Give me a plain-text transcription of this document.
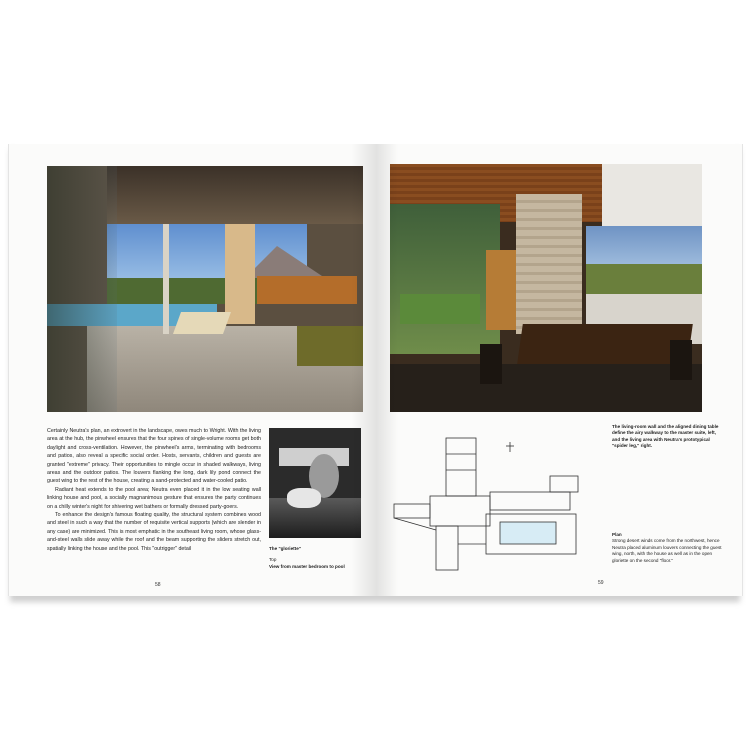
Certainly Neutra's plan, an extrovert in the landscape, owes much to Wright. With the living area at the hub, the pinwheel ensures that the four spines of single-volume rooms get both daylight and cross-ventilation. However, the pinwheel's arms, terminating with bedrooms and patios, also reveal a specific social order. Hosts, servants, children and guests are granted "extreme" privacy. Their opportunities to mingle occur in shaded walkways, living areas and the outdoor patios. The louvers flanking the long, dark lily pond connect the guest wing to the rest of the house, creating a sand-protected and water-cooled patio.

Radiant heat extends to the pool area; Neutra even placed it in the low seating wall linking house and pool, a socially magnanimous gesture that ensures the party continues on a chilly winter's night for shivering wet bathers or formally dressed party-goers.

To enhance the design's famous floating quality, the structural system combines wood and steel in such a way that the number of requisite vertical supports (which are slender in any case) are minimized. This is most emphatic in the southeast living room, whose glass-and-steel walls slide away while the roof and the beam supporting the sliders stretch out, spatially linking the house and the pool. This "outrigger" detail	The "gloriette"
Top
View from master bedroom to pool
58
The living-room wall and the aligned dining table define the airy walkway to the master suite, left, and the living area with Neutra's prototypical "spider leg," right.
Plan
Strong desert winds come from the northwest, hence Neutra placed aluminum louvers connecting the guest wing, north, with the house as well as in the open gloriette on the second "floor."
59
